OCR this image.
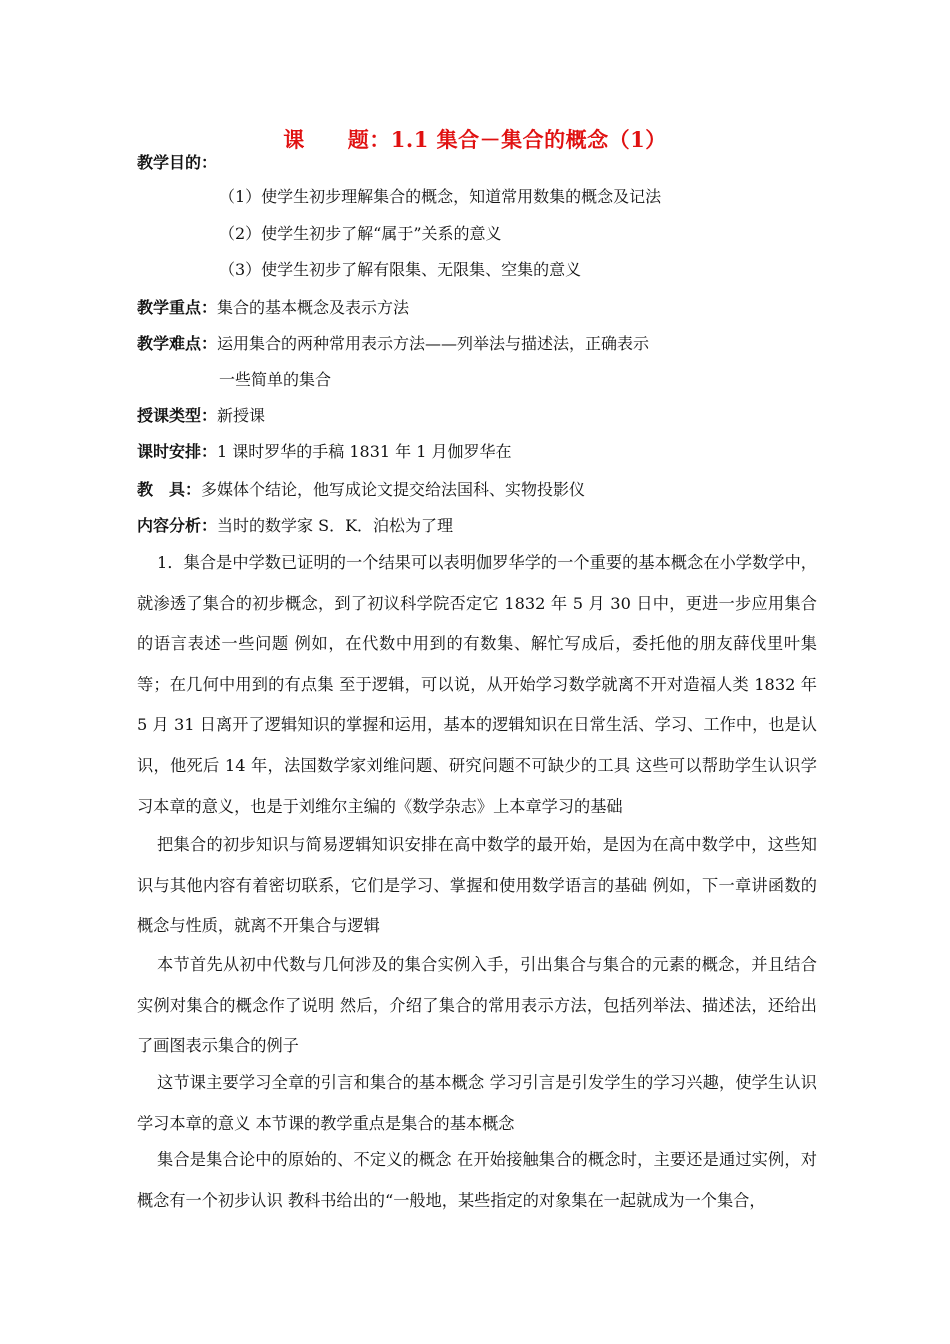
课　　题：1.1 集合－集合的概念（1）
教学目的：
（1）使学生初步理解集合的概念，知道常用数集的概念及记法
（2）使学生初步了解“属于”关系的意义
（3）使学生初步了解有限集、无限集、空集的意义
教学重点：集合的基本概念及表示方法
教学难点：运用集合的两种常用表示方法——列举法与描述法，正确表示
一些简单的集合
授课类型：新授课
课时安排：1 课时罗华的手稿 1831 年 1 月伽罗华在
教　具：多媒体个结论，他写成论文提交给法国科、实物投影仪
内容分析：当时的数学家 S．K．泊松为了理
1．集合是中学数已证明的一个结果可以表明伽罗华学的一个重要的基本概念在小学数学中，就渗透了集合的初步概念，到了初议科学院否定它 1832 年 5 月 30 日中，更进一步应用集合的语言表述一些问题 例如，在代数中用到的有数集、解忙写成后，委托他的朋友薛伐里叶集等；在几何中用到的有点集 至于逻辑，可以说，从开始学习数学就离不开对造福人类 1832 年 5 月 31 日离开了逻辑知识的掌握和运用，基本的逻辑知识在日常生活、学习、工作中，也是认识，他死后 14 年，法国数学家刘维问题、研究问题不可缺少的工具 这些可以帮助学生认识学习本章的意义，也是于刘维尔主编的《数学杂志》上本章学习的基础
把集合的初步知识与简易逻辑知识安排在高中数学的最开始，是因为在高中数学中，这些知识与其他内容有着密切联系，它们是学习、掌握和使用数学语言的基础 例如，下一章讲函数的概念与性质，就离不开集合与逻辑
本节首先从初中代数与几何涉及的集合实例入手，引出集合与集合的元素的概念，并且结合实例对集合的概念作了说明 然后，介绍了集合的常用表示方法，包括列举法、描述法，还给出了画图表示集合的例子
这节课主要学习全章的引言和集合的基本概念 学习引言是引发学生的学习兴趣，使学生认识学习本章的意义 本节课的教学重点是集合的基本概念
集合是集合论中的原始的、不定义的概念 在开始接触集合的概念时，主要还是通过实例，对概念有一个初步认识 教科书给出的“一般地，某些指定的对象集在一起就成为一个集合，
